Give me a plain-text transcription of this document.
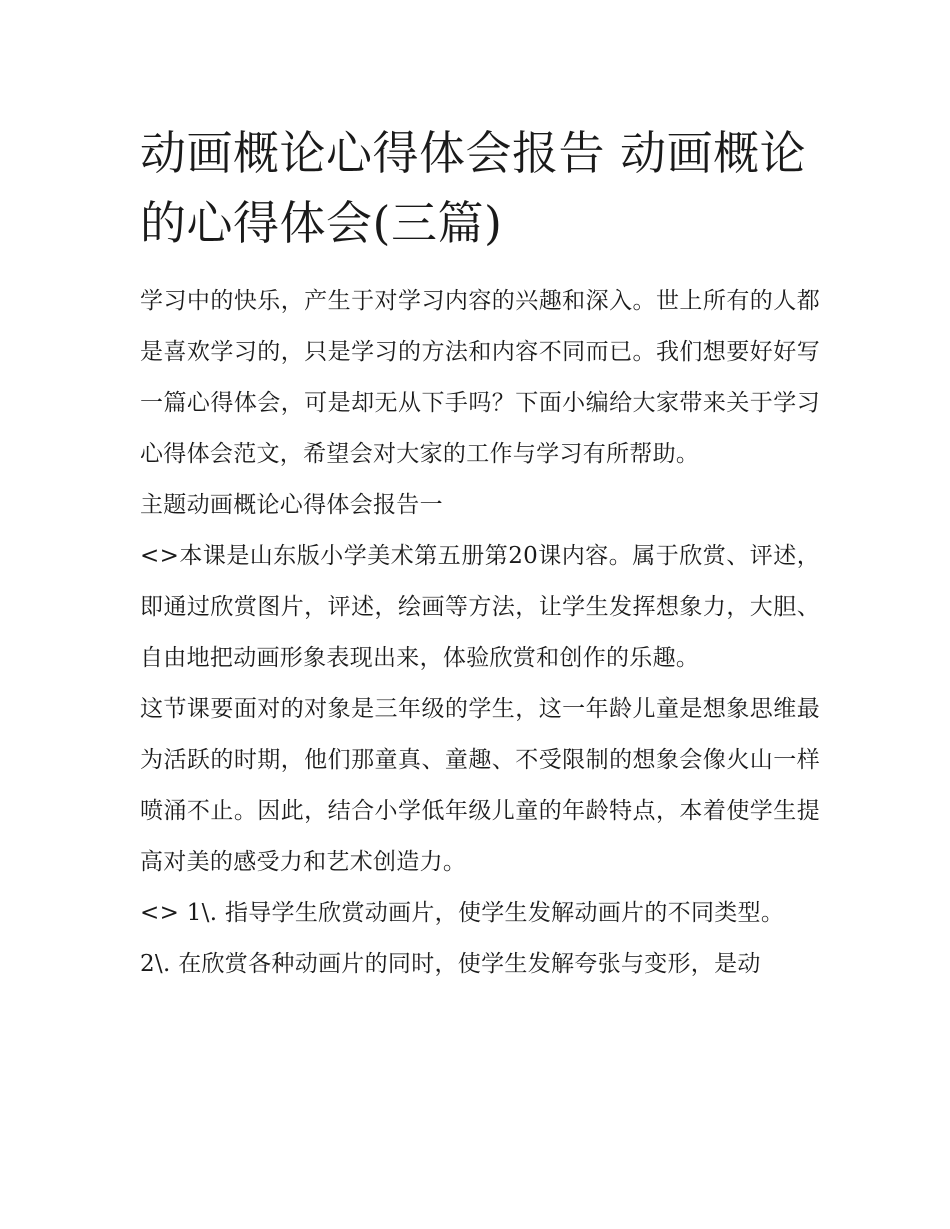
动画概论心得体会报告 动画概论的心得体会(三篇)

学习中的快乐，产生于对学习内容的兴趣和深入。世上所有的人都是喜欢学习的，只是学习的方法和内容不同而已。我们想要好好写一篇心得体会，可是却无从下手吗？下面小编给大家带来关于学习心得体会范文，希望会对大家的工作与学习有所帮助。

主题动画概论心得体会报告一

<>本课是山东版小学美术第五册第20课内容。属于欣赏、评述，即通过欣赏图片，评述，绘画等方法，让学生发挥想象力，大胆、自由地把动画形象表现出来，体验欣赏和创作的乐趣。

这节课要面对的对象是三年级的学生，这一年龄儿童是想象思维最为活跃的时期，他们那童真、童趣、不受限制的想象会像火山一样喷涌不止。因此，结合小学低年级儿童的年龄特点，本着使学生提高对美的感受力和艺术创造力。

<> 1\. 指导学生欣赏动画片，使学生发解动画片的不同类型。

2\. 在欣赏各种动画片的同时，使学生发解夸张与变形，是动
